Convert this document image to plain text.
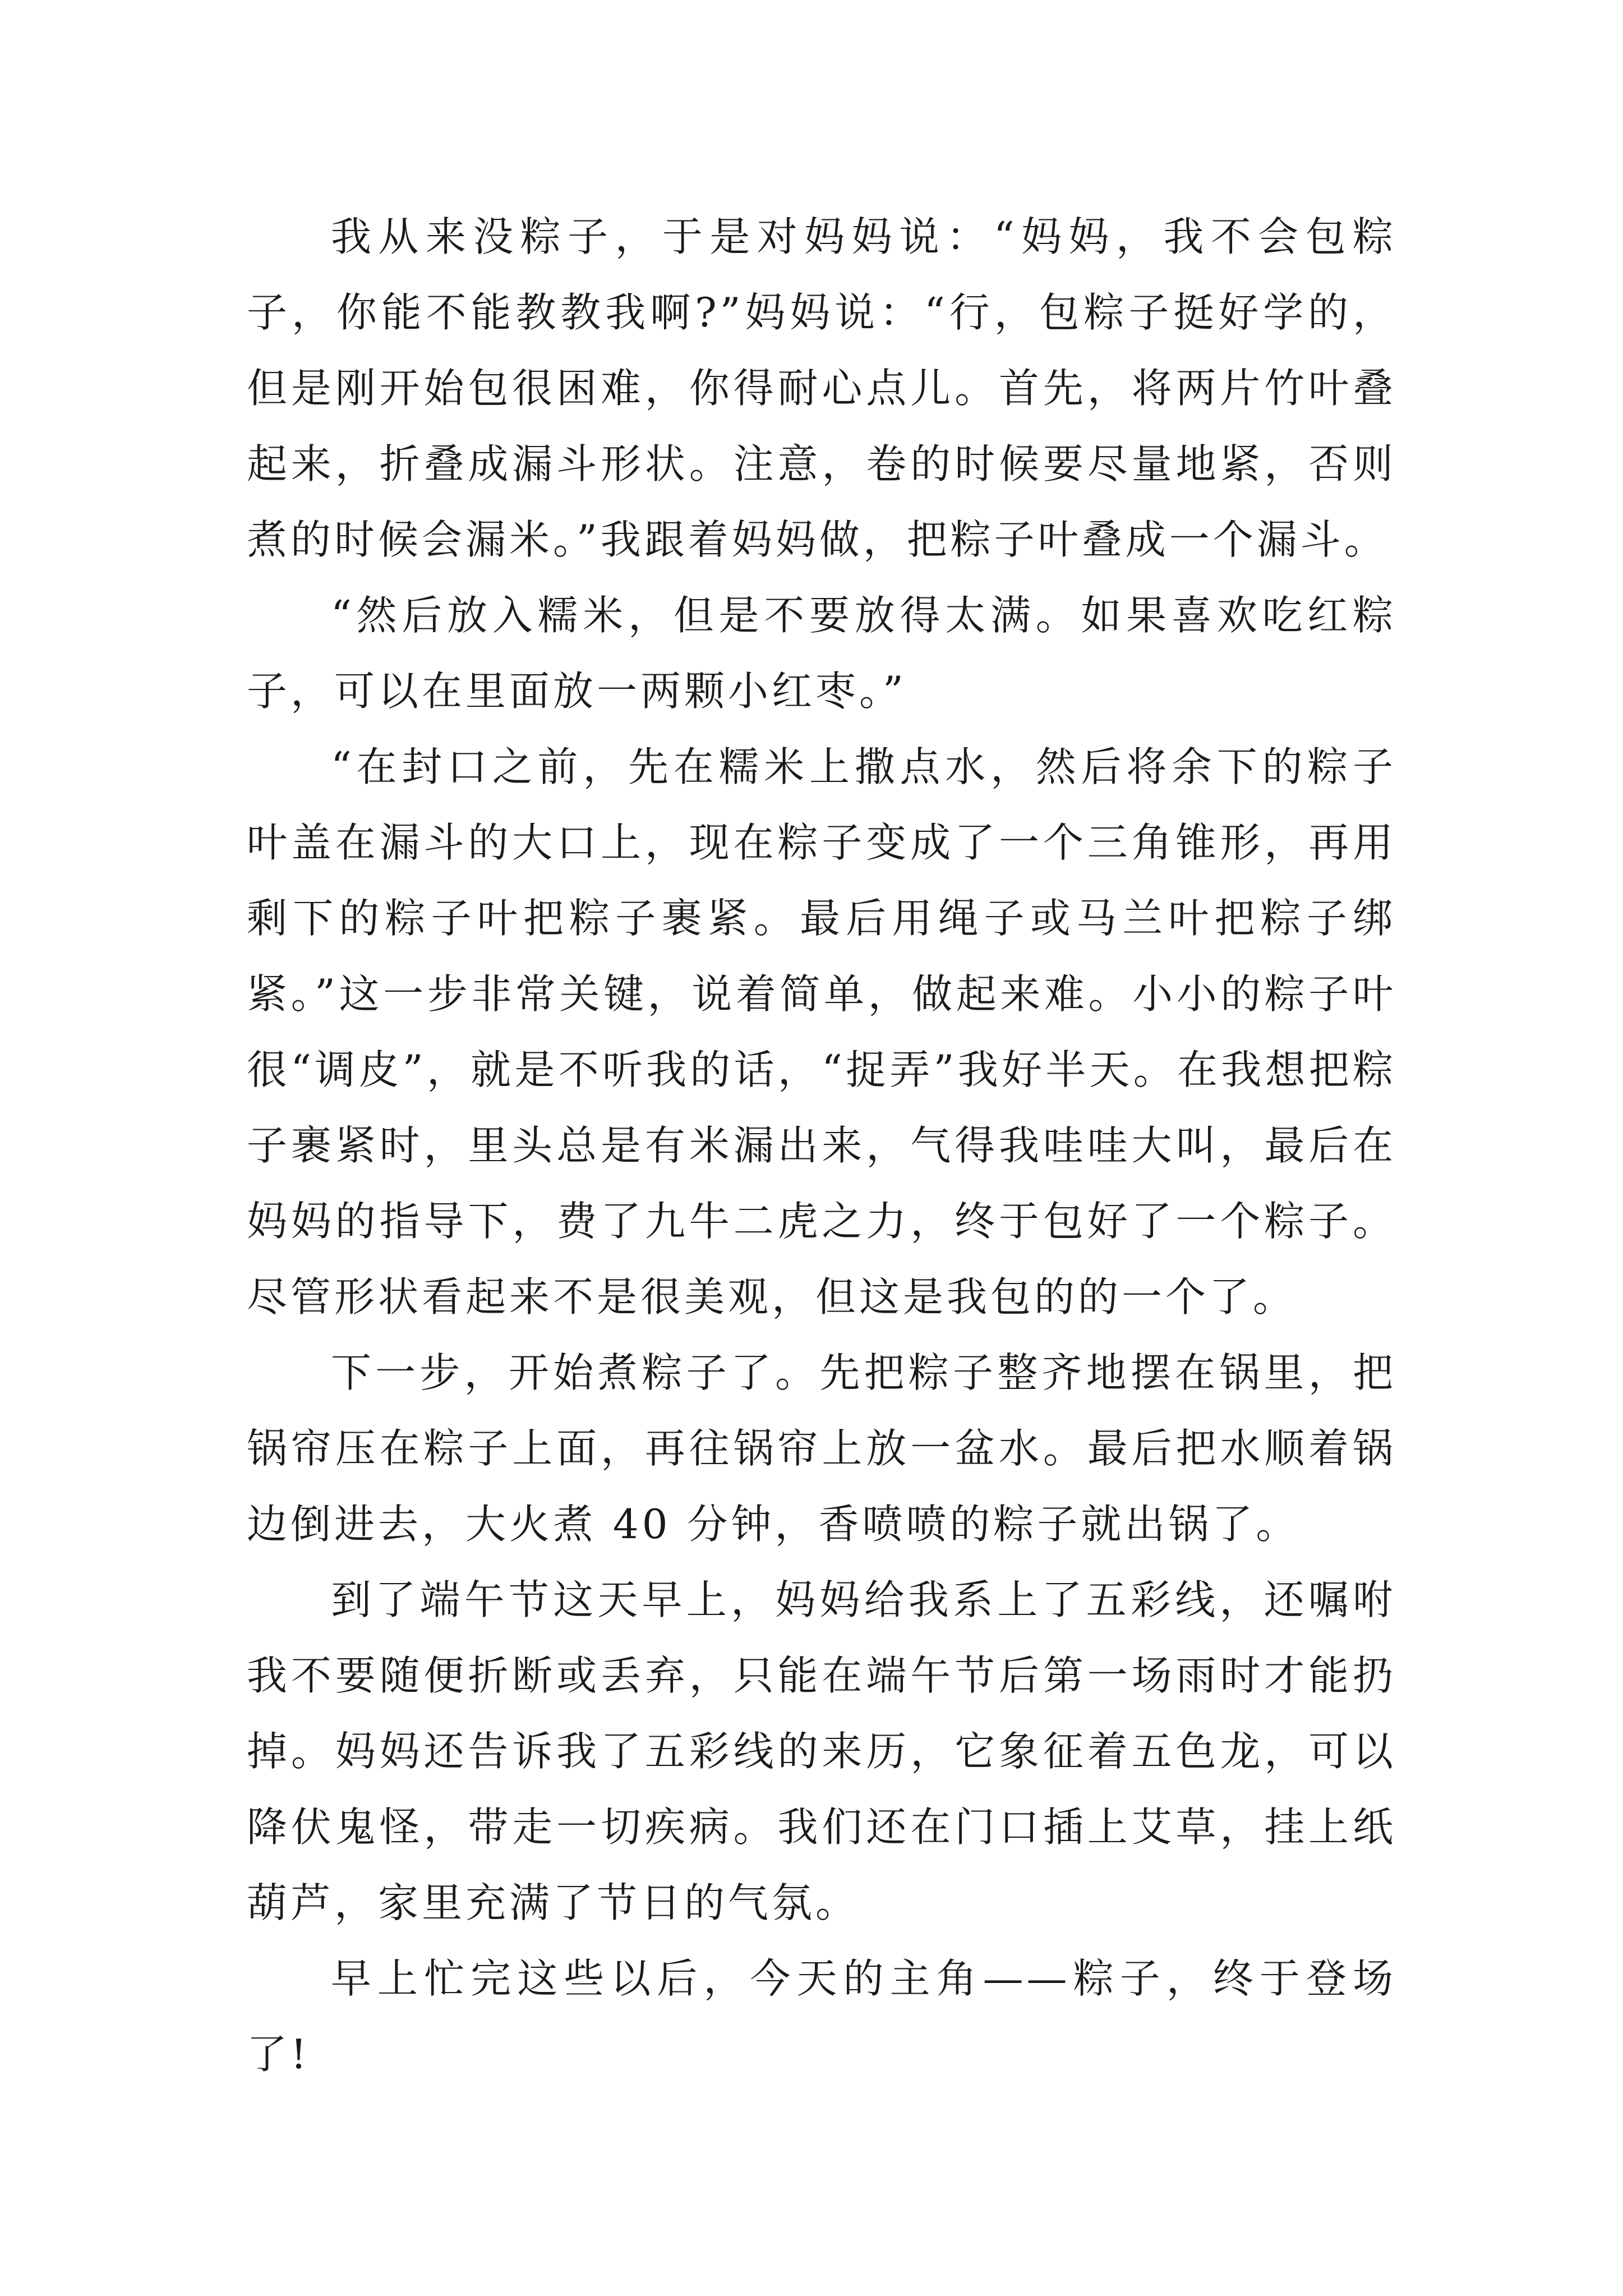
我从来没粽子，于是对妈妈说：“妈妈，我不会包粽子，你能不能教教我啊?”妈妈说：“行，包粽子挺好学的，但是刚开始包很困难，你得耐心点儿。首先，将两片竹叶叠起来，折叠成漏斗形状。注意，卷的时候要尽量地紧，否则煮的时候会漏米。”我跟着妈妈做，把粽子叶叠成一个漏斗。

“然后放入糯米，但是不要放得太满。如果喜欢吃红粽子，可以在里面放一两颗小红枣。”

“在封口之前，先在糯米上撒点水，然后将余下的粽子叶盖在漏斗的大口上，现在粽子变成了一个三角锥形，再用剩下的粽子叶把粽子裹紧。最后用绳子或马兰叶把粽子绑紧。”这一步非常关键，说着简单，做起来难。小小的粽子叶很“调皮”，就是不听我的话，“捉弄”我好半天。在我想把粽子裹紧时，里头总是有米漏出来，气得我哇哇大叫，最后在妈妈的指导下，费了九牛二虎之力，终于包好了一个粽子。尽管形状看起来不是很美观，但这是我包的的一个了。

下一步，开始煮粽子了。先把粽子整齐地摆在锅里，把锅帘压在粽子上面，再往锅帘上放一盆水。最后把水顺着锅边倒进去，大火煮 40 分钟，香喷喷的粽子就出锅了。

到了端午节这天早上，妈妈给我系上了五彩线，还嘱咐我不要随便折断或丢弃，只能在端午节后第一场雨时才能扔掉。妈妈还告诉我了五彩线的来历，它象征着五色龙，可以降伏鬼怪，带走一切疾病。我们还在门口插上艾草，挂上纸葫芦，家里充满了节日的气氛。

早上忙完这些以后，今天的主角——粽子，终于登场了!
